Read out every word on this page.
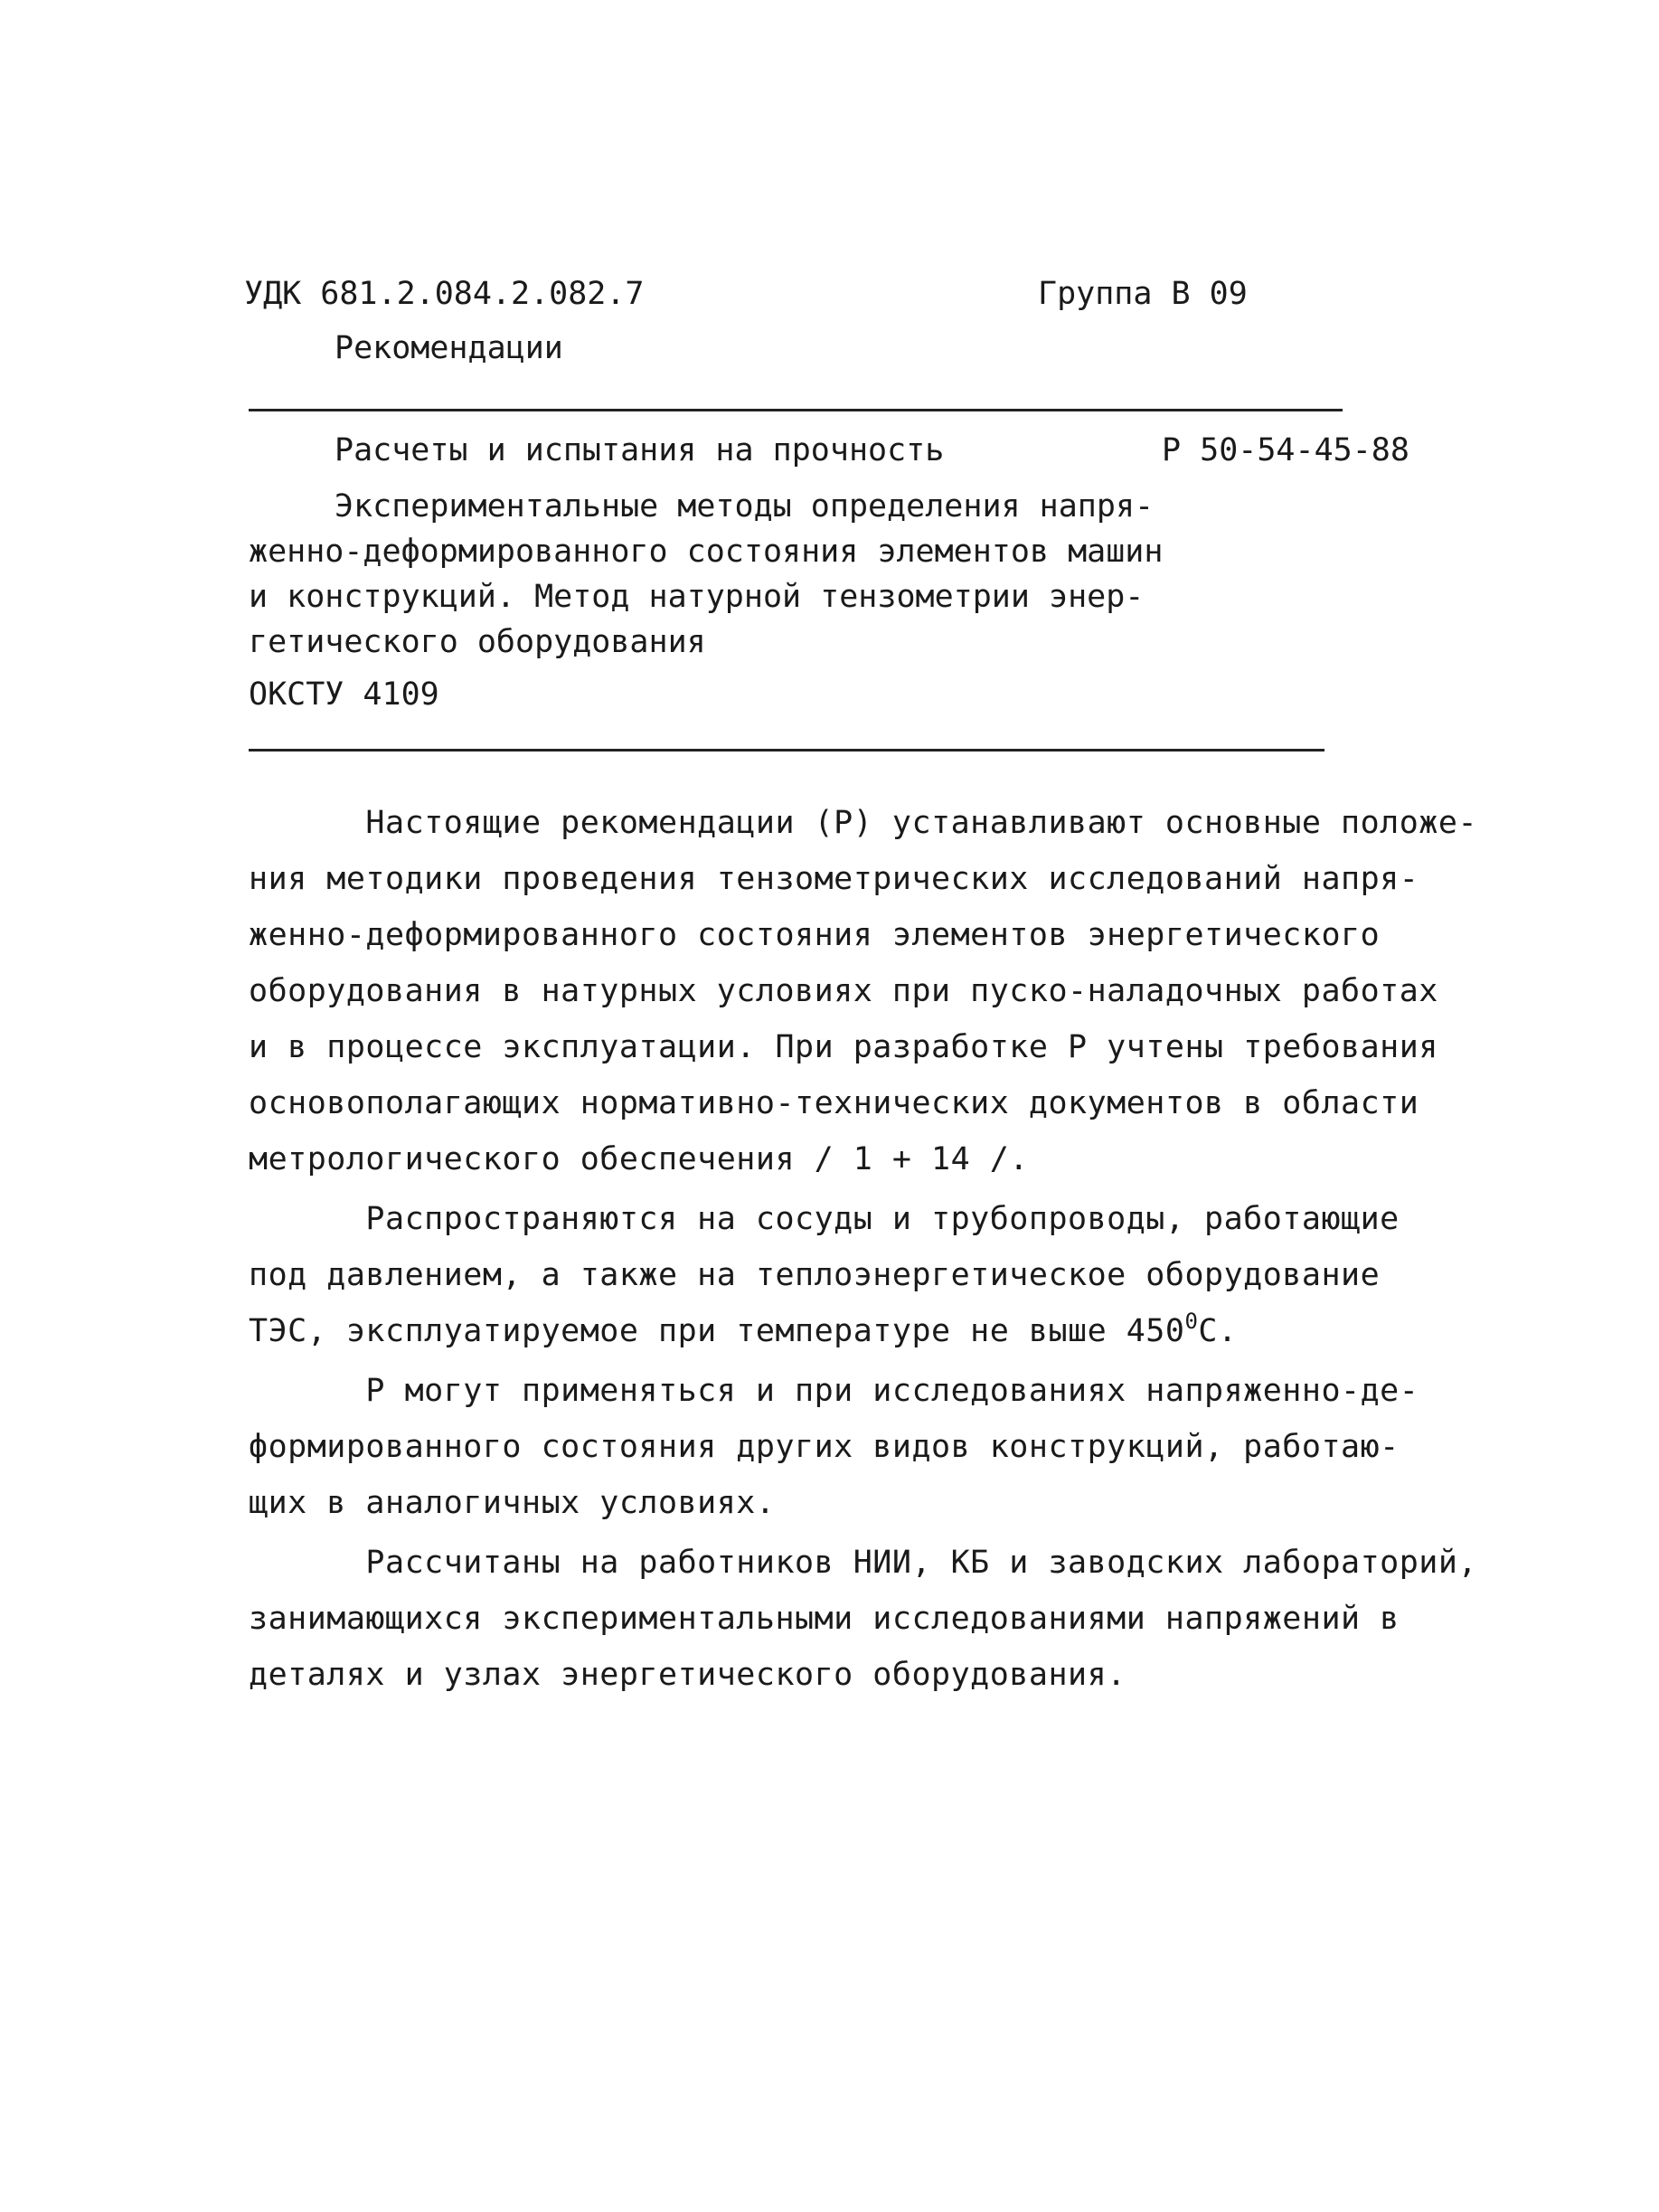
УДК 681.2.084.2.082.7	Группа В 09
Рекомендации
Расчеты и испытания на прочность	Р 50-54-45-88
Экспериментальные методы определения напря-
женно-деформированного состояния элементов машин
и конструкций. Метод натурной тензометрии энер-
гетического оборудования
ОКСТУ 4109
Настоящие рекомендации (Р) устанавливают основные положе-
ния методики проведения тензометрических исследований напря-
женно-деформированного состояния элементов энергетического
оборудования в натурных условиях при пуско-наладочных работах
и в процессе эксплуатации. При разработке Р учтены требования
основополагающих нормативно-технических документов в области
метрологического обеспечения / 1 + 14 /.
Распространяются на сосуды и трубопроводы, работающие
под давлением, а также на теплоэнергетическое оборудование
ТЭС, эксплуатируемое при температуре не выше $450^0С$.
Р могут применяться и при исследованиях напряженно-де-
формированного состояния других видов конструкций, работаю-
щих в аналогичных условиях.
Рассчитаны на работников НИИ, КБ и заводских лабораторий,
занимающихся экспериментальными исследованиями напряжений в
деталях и узлах энергетического оборудования.
